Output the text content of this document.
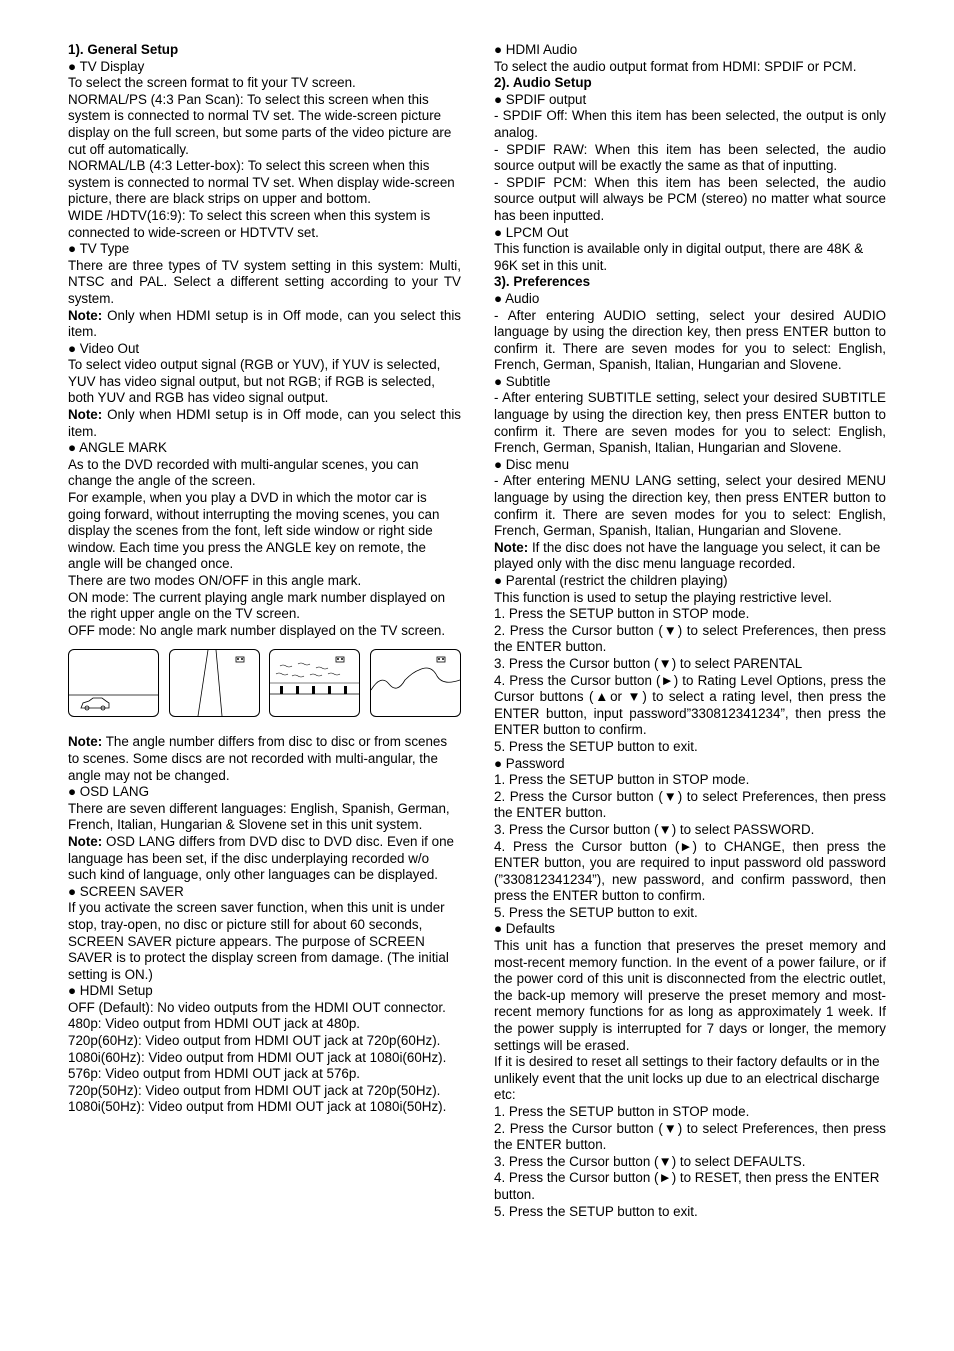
1). General Setup

● TV Display

To select the screen format to fit your TV screen.

NORMAL/PS (4:3 Pan Scan): To select this screen when this system is connected to normal TV set. The wide-screen picture display on the full screen, but some parts of the video picture are cut off automatically.

NORMAL/LB (4:3 Letter-box): To select this screen when this system is connected to normal TV set. When display wide-screen picture, there are black strips on upper and bottom.

WIDE /HDTV(16:9): To select this screen when this system is connected to wide-screen or HDTVTV set.

● TV Type

There are three types of TV system setting in this system: Multi, NTSC and PAL. Select a different setting according to your TV system.

Note: Only when HDMI setup is in Off mode, can you select this item.

● Video Out

To select video output signal (RGB or YUV), if YUV is selected, YUV has video signal output, but not RGB; if RGB is selected, both YUV and RGB has video signal output.

Note: Only when HDMI setup is in Off mode, can you select this item.

● ANGLE MARK

As to the DVD recorded with multi-angular scenes, you can change the angle of the screen.

For example, when you play a DVD in which the motor car is going forward, without interrupting the moving scenes, you can display the scenes from the font, left side window or right side window. Each time you press the ANGLE key on remote, the angle will be changed once.

There are two modes ON/OFF in this angle mark.

ON mode: The current playing angle mark number displayed on the right upper angle on the TV screen.

OFF mode: No angle mark number displayed on the TV screen.

Note: The angle number differs from disc to disc or from scenes to scenes. Some discs are not recorded with multi-angular, the angle may not be changed.

● OSD LANG

There are seven different languages: English, Spanish, German, French, Italian, Hungarian & Slovene set in this unit system.

Note: OSD LANG differs from DVD disc to DVD disc. Even if one language has been set, if the disc underplaying recorded w/o such kind of language, only other languages can be displayed.

● SCREEN SAVER

If you activate the screen saver function, when this unit is under stop, tray-open, no disc or picture still for about 60 seconds, SCREEN SAVER picture appears. The purpose of SCREEN SAVER is to protect the display screen from damage. (The initial setting is ON.)

● HDMI Setup

OFF (Default): No video outputs from the HDMI OUT connector.

480p: Video output from HDMI OUT jack at 480p.

720p(60Hz): Video output from HDMI OUT jack at 720p(60Hz).

1080i(60Hz): Video output from HDMI OUT jack at 1080i(60Hz).

576p: Video output from HDMI OUT jack at 576p.

720p(50Hz): Video output from HDMI OUT jack at 720p(50Hz).

1080i(50Hz): Video output from HDMI OUT jack at 1080i(50Hz).

● HDMI Audio

To select the audio output format from HDMI: SPDIF or PCM.

2). Audio Setup

● SPDIF output

- SPDIF Off: When this item has been selected, the output is only analog.

- SPDIF RAW: When this item has been selected, the audio source output will be exactly the same as that of inputting.

- SPDIF PCM: When this item has been selected, the audio source output will always be PCM (stereo) no matter what source has been inputted.

● LPCM Out

This function is available only in digital output, there are 48K & 96K set in this unit.

3). Preferences

● Audio

- After entering AUDIO setting, select your desired AUDIO language by using the direction key, then press ENTER button to confirm it. There are seven modes for you to select: English, French, German, Spanish, Italian, Hungarian and Slovene.

● Subtitle

- After entering SUBTITLE setting, select your desired SUBTITLE language by using the direction key, then press ENTER button to confirm it. There are seven modes for you to select: English, French, German, Spanish, Italian, Hungarian and Slovene.

● Disc menu

- After entering MENU LANG setting, select your desired MENU language by using the direction key, then press ENTER button to confirm it. There are seven modes for you to select: English, French, German, Spanish, Italian, Hungarian and Slovene.

Note: If the disc does not have the language you select, it can be played only with the disc menu language recorded.

● Parental (restrict the children playing)

This function is used to setup the playing restrictive level.

1. Press the SETUP button in STOP mode.

2. Press the Cursor button (▼) to select Preferences, then press the ENTER button.

3. Press the Cursor button (▼) to select PARENTAL

4. Press the Cursor button (►) to Rating Level Options, press the Cursor buttons (▲or ▼) to select a rating level, then press the ENTER button, input password”330812341234”, then press the ENTER button to confirm.

5. Press the SETUP button to exit.

● Password

1. Press the SETUP button in STOP mode.

2. Press the Cursor button (▼) to select Preferences, then press the ENTER button.

3. Press the Cursor button (▼) to select PASSWORD.

4. Press the Cursor button (►) to CHANGE, then press the ENTER button, you are required to input password old password (”330812341234”), new password, and confirm password, then press the ENTER button to confirm.

5. Press the SETUP button to exit.

● Defaults

This unit has a function that preserves the preset memory and most-recent memory function. In the event of a power failure, or if the power cord of this unit is disconnected from the electric outlet, the back-up memory will preserve the preset memory and most-recent memory functions for as long as approximately 1 week. If the power supply is interrupted for 7 days or longer, the memory settings will be erased.

If it is desired to reset all settings to their factory defaults or in the unlikely event that the unit locks up due to an electrical discharge etc:

1. Press the SETUP button in STOP mode.

2. Press the Cursor button (▼) to select Preferences, then press the ENTER button.

3. Press the Cursor button (▼) to select DEFAULTS.

4. Press the Cursor button (►) to RESET, then press the ENTER button.

5. Press the SETUP button to exit.
